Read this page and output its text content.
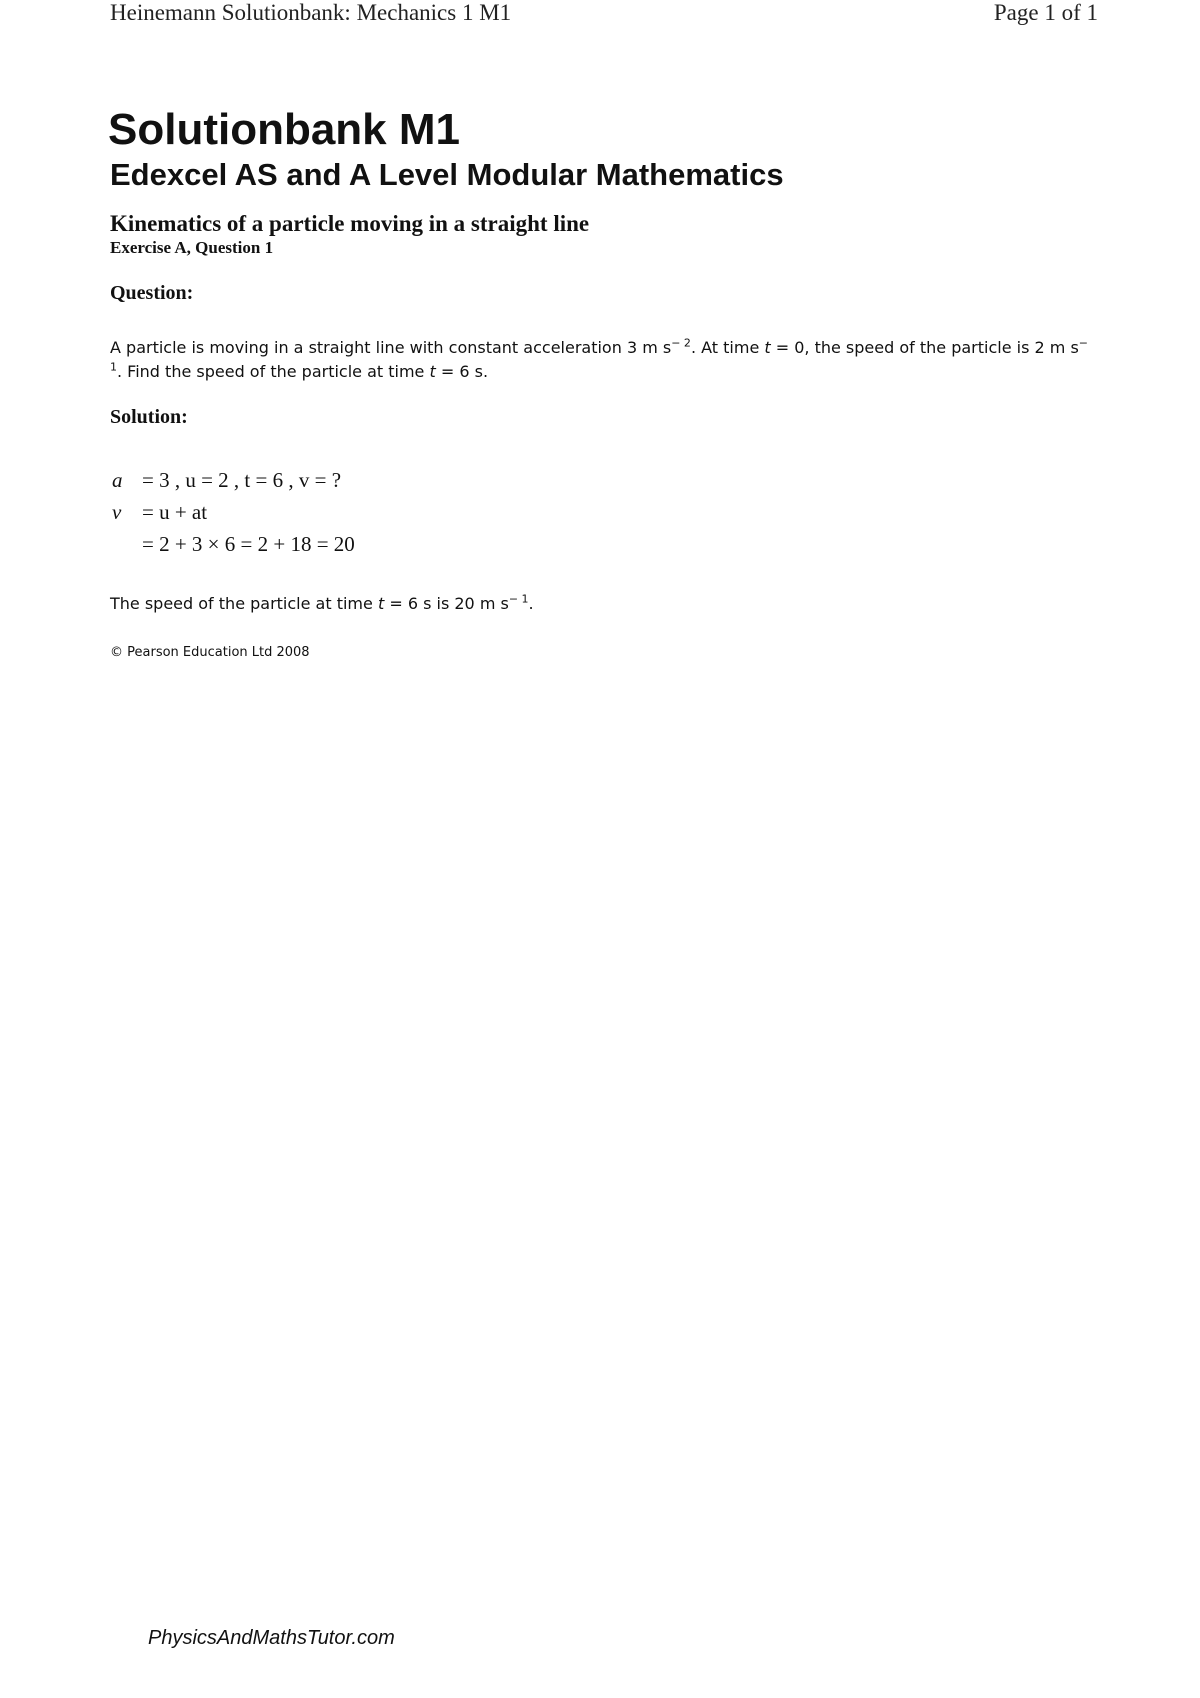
Heinemann Solutionbank: Mechanics 1 M1	Page 1 of 1
Solutionbank M1
Edexcel AS and A Level Modular Mathematics
Kinematics of a particle moving in a straight line
Exercise A, Question 1
Question:
A particle is moving in a straight line with constant acceleration 3 m $s^{- 2}$. At time t = 0, the speed of the particle is 2 m $s^{- 1}$. Find the speed of the particle at time t = 6 s.
Solution:
a = 3 , u = 2 , t = 6 , v = ?
v = u + at
= 2 + 3 × 6 = 2 + 18 = 20
The speed of the particle at time t = 6 s is 20 m $s^{- 1}$.
© Pearson Education Ltd 2008
PhysicsAndMathsTutor.com
